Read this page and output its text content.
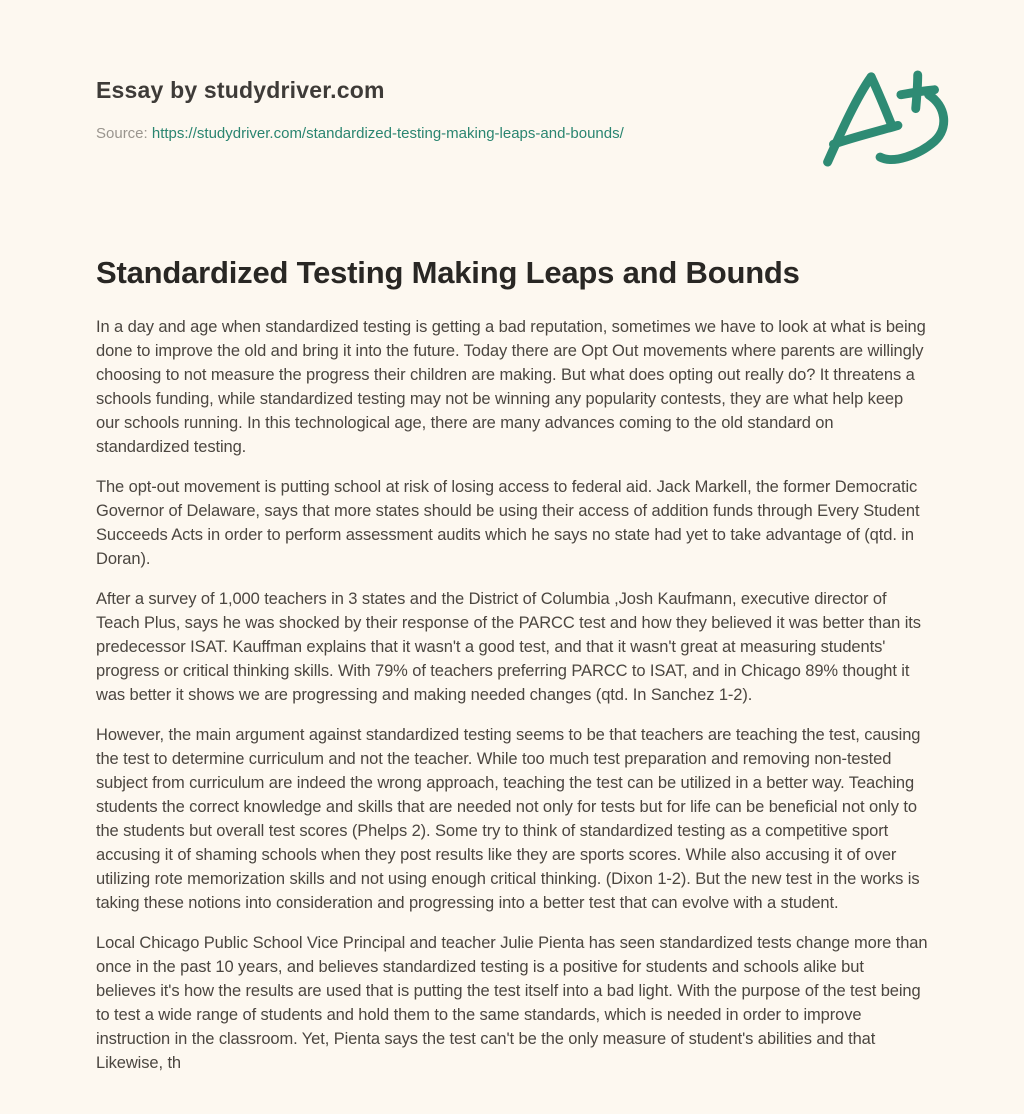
Essay by studydriver.com
Source: https://studydriver.com/standardized-testing-making-leaps-and-bounds/
Standardized Testing Making Leaps and Bounds

In a day and age when standardized testing is getting a bad reputation, sometimes we have to look at what is being done to improve the old and bring it into the future. Today there are Opt Out movements where parents are willingly choosing to not measure the progress their children are making. But what does opting out really do? It threatens a schools funding, while standardized testing may not be winning any popularity contests, they are what help keep our schools running. In this technological age, there are many advances coming to the old standard on standardized testing.

The opt-out movement is putting school at risk of losing access to federal aid. Jack Markell, the former Democratic Governor of Delaware, says that more states should be using their access of addition funds through Every Student Succeeds Acts in order to perform assessment audits which he says no state had yet to take advantage of (qtd. in Doran).

After a survey of 1,000 teachers in 3 states and the District of Columbia ,Josh Kaufmann, executive director of Teach Plus, says he was shocked by their response of the PARCC test and how they believed it was better than its predecessor ISAT. Kauffman explains that it wasn't a good test, and that it wasn't great at measuring students' progress or critical thinking skills. With 79% of teachers preferring PARCC to ISAT, and in Chicago 89% thought it was better it shows we are progressing and making needed changes (qtd. In Sanchez 1-2).

However, the main argument against standardized testing seems to be that teachers are teaching the test, causing the test to determine curriculum and not the teacher. While too much test preparation and removing non-tested subject from curriculum are indeed the wrong approach, teaching the test can be utilized in a better way. Teaching students the correct knowledge and skills that are needed not only for tests but for life can be beneficial not only to the students but overall test scores (Phelps 2). Some try to think of standardized testing as a competitive sport accusing it of shaming schools when they post results like they are sports scores. While also accusing it of over utilizing rote memorization skills and not using enough critical thinking. (Dixon 1-2). But the new test in the works is taking these notions into consideration and progressing into a better test that can evolve with a student.

Local Chicago Public School Vice Principal and teacher Julie Pienta has seen standardized tests change more than once in the past 10 years, and believes standardized testing is a positive for students and schools alike but believes it's how the results are used that is putting the test itself into a bad light. With the purpose of the test being to test a wide range of students and hold them to the same standards, which is needed in order to improve instruction in the classroom. Yet, Pienta says the test can't be the only measure of student's abilities and that Likewise, th
